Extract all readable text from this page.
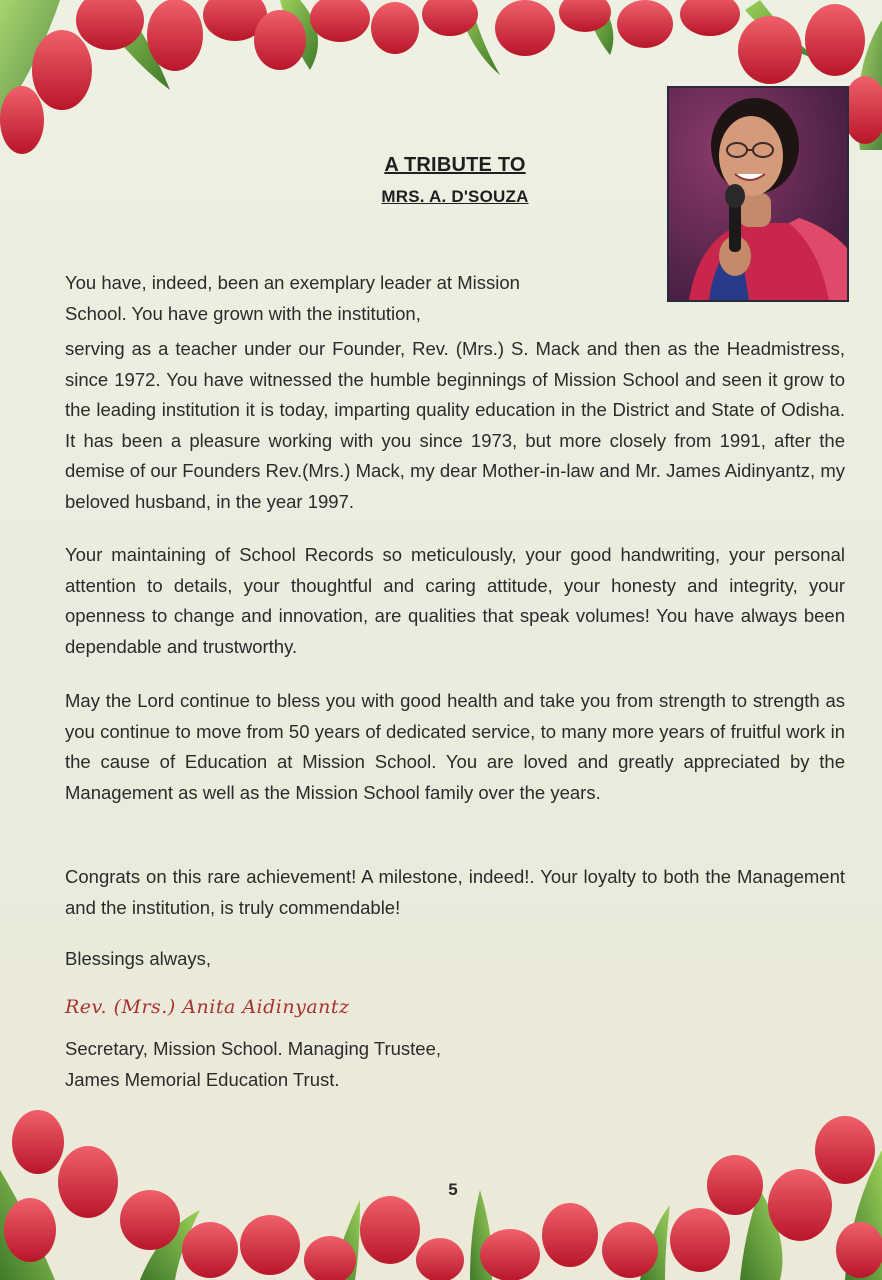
A TRIBUTE TO
MRS. A. D'SOUZA
You have, indeed, been an exemplary leader at Mission School. You have grown with the institution,
serving as a teacher under our Founder, Rev. (Mrs.) S. Mack and then as the Headmistress, since 1972. You have witnessed the humble beginnings of Mission School and seen it grow to the leading institution it is today, imparting quality education in the District and State of Odisha. It has been a pleasure working with you since 1973, but more closely from 1991, after the demise of our Founders Rev.(Mrs.) Mack, my dear Mother-in-law and Mr. James Aidinyantz, my beloved husband, in the year 1997.
Your maintaining of School Records so meticulously, your good handwriting, your personal attention to details, your thoughtful and caring attitude, your honesty and integrity, your openness to change and innovation, are qualities that speak volumes! You have always been dependable and trustworthy.
May the Lord continue to bless you with good health and take you from strength to strength as you continue to move from 50 years of dedicated service, to many more years of fruitful work in the cause of Education at Mission School. You are loved and greatly appreciated by the Management as well as the Mission School family over the years.
Congrats on this rare achievement! A milestone, indeed!. Your loyalty to both the Management and the institution, is truly commendable!
Blessings always,
Rev. (Mrs.) Anita Aidinyantz
Secretary, Mission School. Managing Trustee,
James Memorial Education Trust.
5
